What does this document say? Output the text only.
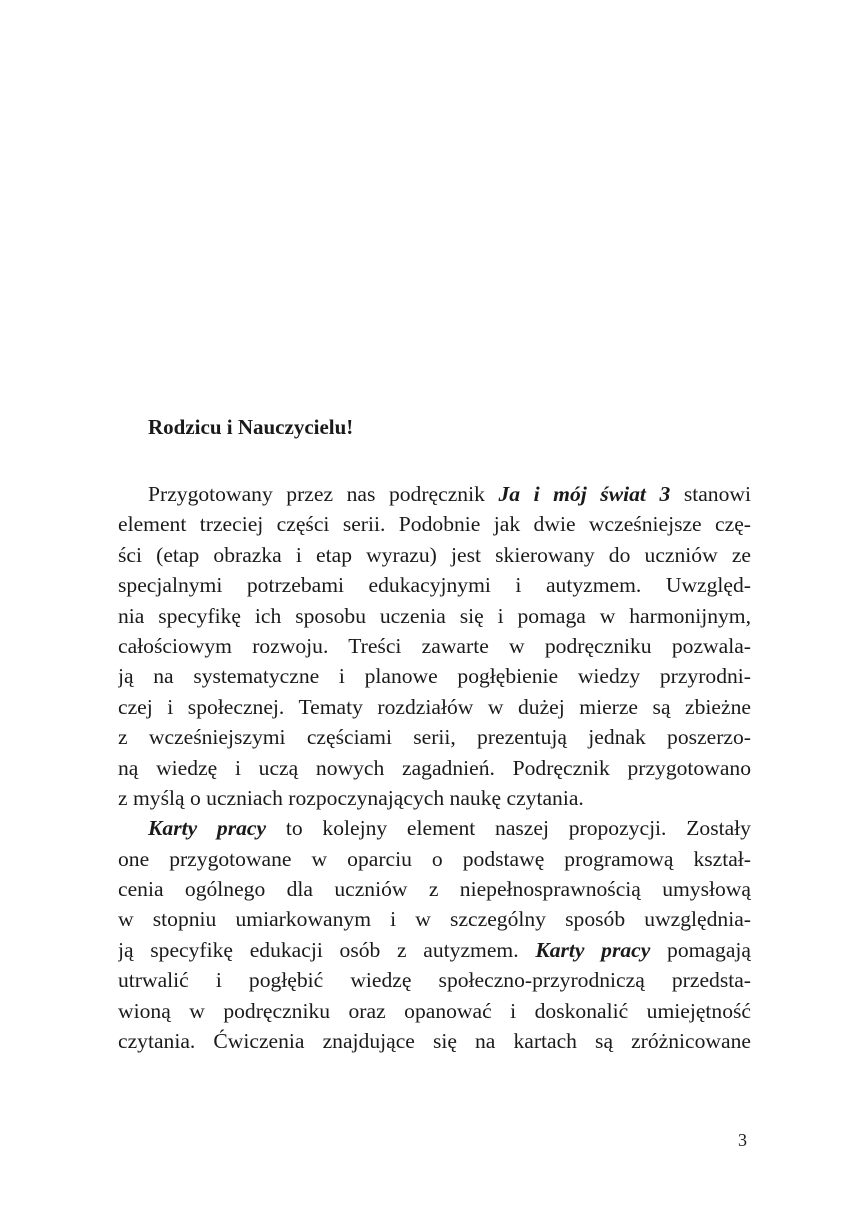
Rodzicu i Nauczycielu!

Przygotowany przez nas podręcznik Ja i mój świat 3 stanowi
element trzeciej części serii. Podobnie jak dwie wcześniejsze czę-
ści (etap obrazka i etap wyrazu) jest skierowany do uczniów ze
specjalnymi potrzebami edukacyjnymi i autyzmem. Uwzględ-
nia specyfikę ich sposobu uczenia się i pomaga w harmonijnym,
całościowym rozwoju. Treści zawarte w podręczniku pozwala-
ją na systematyczne i planowe pogłębienie wiedzy przyrodni-
czej i społecznej. Tematy rozdziałów w dużej mierze są zbieżne
z wcześniejszymi częściami serii, prezentują jednak poszerzo-
ną wiedzę i uczą nowych zagadnień. Podręcznik przygotowano
z myślą o uczniach rozpoczynających naukę czytania.

Karty pracy to kolejny element naszej propozycji. Zostały
one przygotowane w oparciu o podstawę programową kształ-
cenia ogólnego dla uczniów z niepełnosprawnością umysłową
w stopniu umiarkowanym i w szczególny sposób uwzględnia-
ją specyfikę edukacji osób z autyzmem. Karty pracy pomagają
utrwalić i pogłębić wiedzę społeczno-przyrodniczą przedsta-
wioną w podręczniku oraz opanować i doskonalić umiejętność
czytania. Ćwiczenia znajdujące się na kartach są zróżnicowane

3
